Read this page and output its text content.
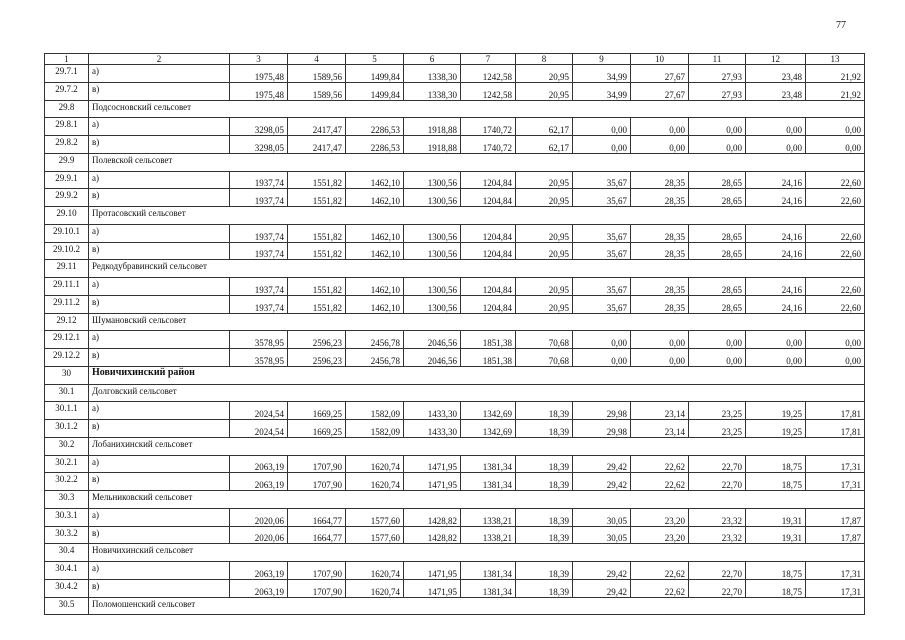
77
1	2	3	4	5	6	7	8	9	10	11	12	13
29.7.1	а)	1975,48	1589,56	1499,84	1338,30	1242,58	20,95	34,99	27,67	27,93	23,48	21,92
29.7.2	в)	1975,48	1589,56	1499,84	1338,30	1242,58	20,95	34,99	27,67	27,93	23,48	21,92
29.8	Подсосновский сельсовет											
29.8.1	а)	3298,05	2417,47	2286,53	1918,88	1740,72	62,17	0,00	0,00	0,00	0,00	0,00
29.8.2	в)	3298,05	2417,47	2286,53	1918,88	1740,72	62,17	0,00	0,00	0,00	0,00	0,00
29.9	Полевской сельсовет											
29.9.1	а)	1937,74	1551,82	1462,10	1300,56	1204,84	20,95	35,67	28,35	28,65	24,16	22,60
29.9.2	в)	1937,74	1551,82	1462,10	1300,56	1204,84	20,95	35,67	28,35	28,65	24,16	22,60
29.10	Протасовский сельсовет											
29.10.1	а)	1937,74	1551,82	1462,10	1300,56	1204,84	20,95	35,67	28,35	28,65	24,16	22,60
29.10.2	в)	1937,74	1551,82	1462,10	1300,56	1204,84	20,95	35,67	28,35	28,65	24,16	22,60
29.11	Редкодубравинский сельсовет											
29.11.1	а)	1937,74	1551,82	1462,10	1300,56	1204,84	20,95	35,67	28,35	28,65	24,16	22,60
29.11.2	в)	1937,74	1551,82	1462,10	1300,56	1204,84	20,95	35,67	28,35	28,65	24,16	22,60
29.12	Шумановский сельсовет											
29.12.1	а)	3578,95	2596,23	2456,78	2046,56	1851,38	70,68	0,00	0,00	0,00	0,00	0,00
29.12.2	в)	3578,95	2596,23	2456,78	2046,56	1851,38	70,68	0,00	0,00	0,00	0,00	0,00
30	Новичихинский район											
30.1	Долговский сельсовет											
30.1.1	а)	2024,54	1669,25	1582,09	1433,30	1342,69	18,39	29,98	23,14	23,25	19,25	17,81
30.1.2	в)	2024,54	1669,25	1582,09	1433,30	1342,69	18,39	29,98	23,14	23,25	19,25	17,81
30.2	Лобанихинский сельсовет											
30.2.1	а)	2063,19	1707,90	1620,74	1471,95	1381,34	18,39	29,42	22,62	22,70	18,75	17,31
30.2.2	в)	2063,19	1707,90	1620,74	1471,95	1381,34	18,39	29,42	22,62	22,70	18,75	17,31
30.3	Мельниковский сельсовет											
30.3.1	а)	2020,06	1664,77	1577,60	1428,82	1338,21	18,39	30,05	23,20	23,32	19,31	17,87
30.3.2	в)	2020,06	1664,77	1577,60	1428,82	1338,21	18,39	30,05	23,20	23,32	19,31	17,87
30.4	Новичихинский сельсовет											
30.4.1	а)	2063,19	1707,90	1620,74	1471,95	1381,34	18,39	29,42	22,62	22,70	18,75	17,31
30.4.2	в)	2063,19	1707,90	1620,74	1471,95	1381,34	18,39	29,42	22,62	22,70	18,75	17,31
30.5	Поломошенский сельсовет											
